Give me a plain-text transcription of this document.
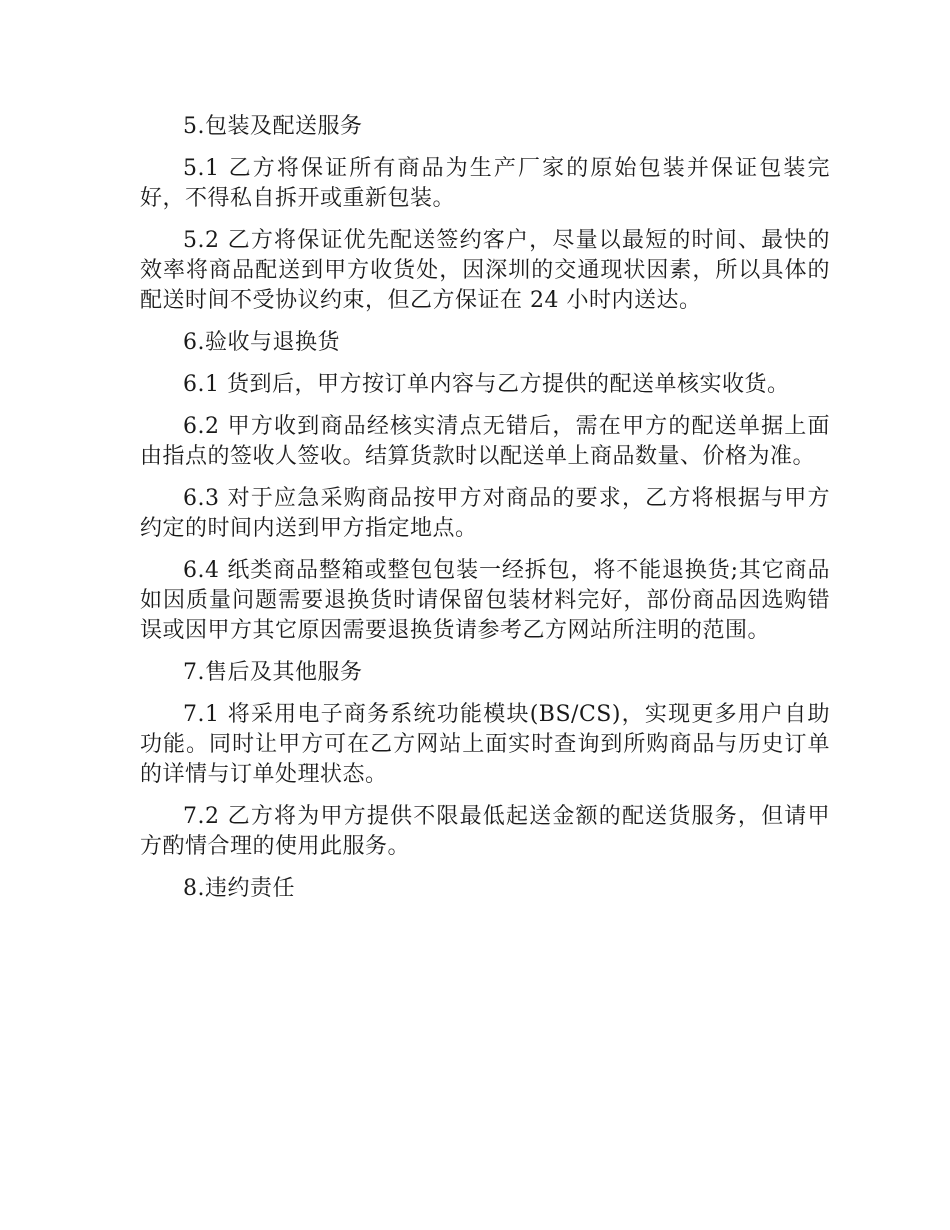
5.包装及配送服务

5.1 乙方将保证所有商品为生产厂家的原始包装并保证包装完好，不得私自拆开或重新包装。

5.2 乙方将保证优先配送签约客户，尽量以最短的时间、最快的效率将商品配送到甲方收货处，因深圳的交通现状因素，所以具体的配送时间不受协议约束，但乙方保证在 24 小时内送达。

6.验收与退换货

6.1 货到后，甲方按订单内容与乙方提供的配送单核实收货。

6.2 甲方收到商品经核实清点无错后，需在甲方的配送单据上面由指点的签收人签收。结算货款时以配送单上商品数量、价格为准。

6.3 对于应急采购商品按甲方对商品的要求，乙方将根据与甲方约定的时间内送到甲方指定地点。

6.4 纸类商品整箱或整包包装一经拆包，将不能退换货;其它商品如因质量问题需要退换货时请保留包装材料完好，部份商品因选购错误或因甲方其它原因需要退换货请参考乙方网站所注明的范围。

7.售后及其他服务

7.1 将采用电子商务系统功能模块(BS/CS)，实现更多用户自助功能。同时让甲方可在乙方网站上面实时查询到所购商品与历史订单的详情与订单处理状态。

7.2 乙方将为甲方提供不限最低起送金额的配送货服务，但请甲方酌情合理的使用此服务。

8.违约责任
